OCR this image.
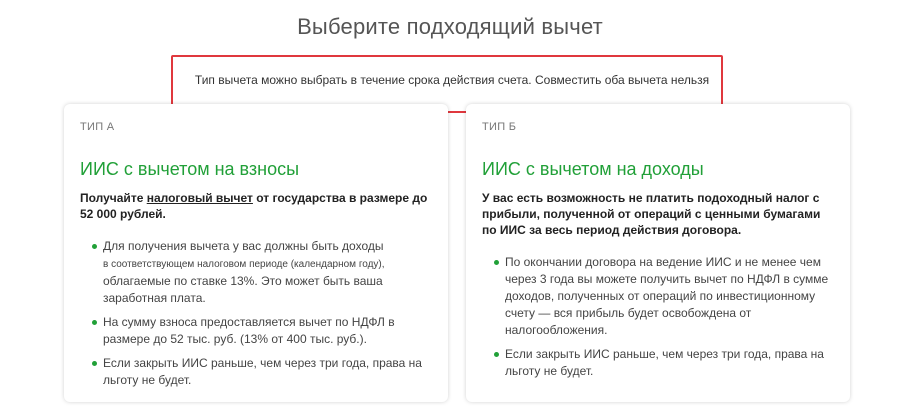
Выберите подходящий вычет
Тип вычета можно выбрать в течение срока действия счета. Совместить оба вычета нельзя
ТИП А
ИИС с вычетом на взносы
Получайте налоговый вычет от государства в размере до 52 000 рублей.
Для получения вычета у вас должны быть доходы
в соответствующем налоговом периоде (календарном году),
облагаемые по ставке 13%. Это может быть ваша заработная плата.
На сумму взноса предоставляется вычет по НДФЛ в размере до 52 тыс. руб. (13% от 400 тыс. руб.).
Если закрыть ИИС раньше, чем через три года, права на льготу не будет.
ТИП Б
ИИС с вычетом на доходы
У вас есть возможность не платить подоходный налог с прибыли, полученной от операций с ценными бумагами по ИИС за весь период действия договора.
По окончании договора на ведение ИИС и не менее чем через 3 года вы можете получить вычет по НДФЛ в сумме доходов, полученных от операций по инвестиционному счету — вся прибыль будет освобождена от налогообложения.
Если закрыть ИИС раньше, чем через три года, права на льготу не будет.
